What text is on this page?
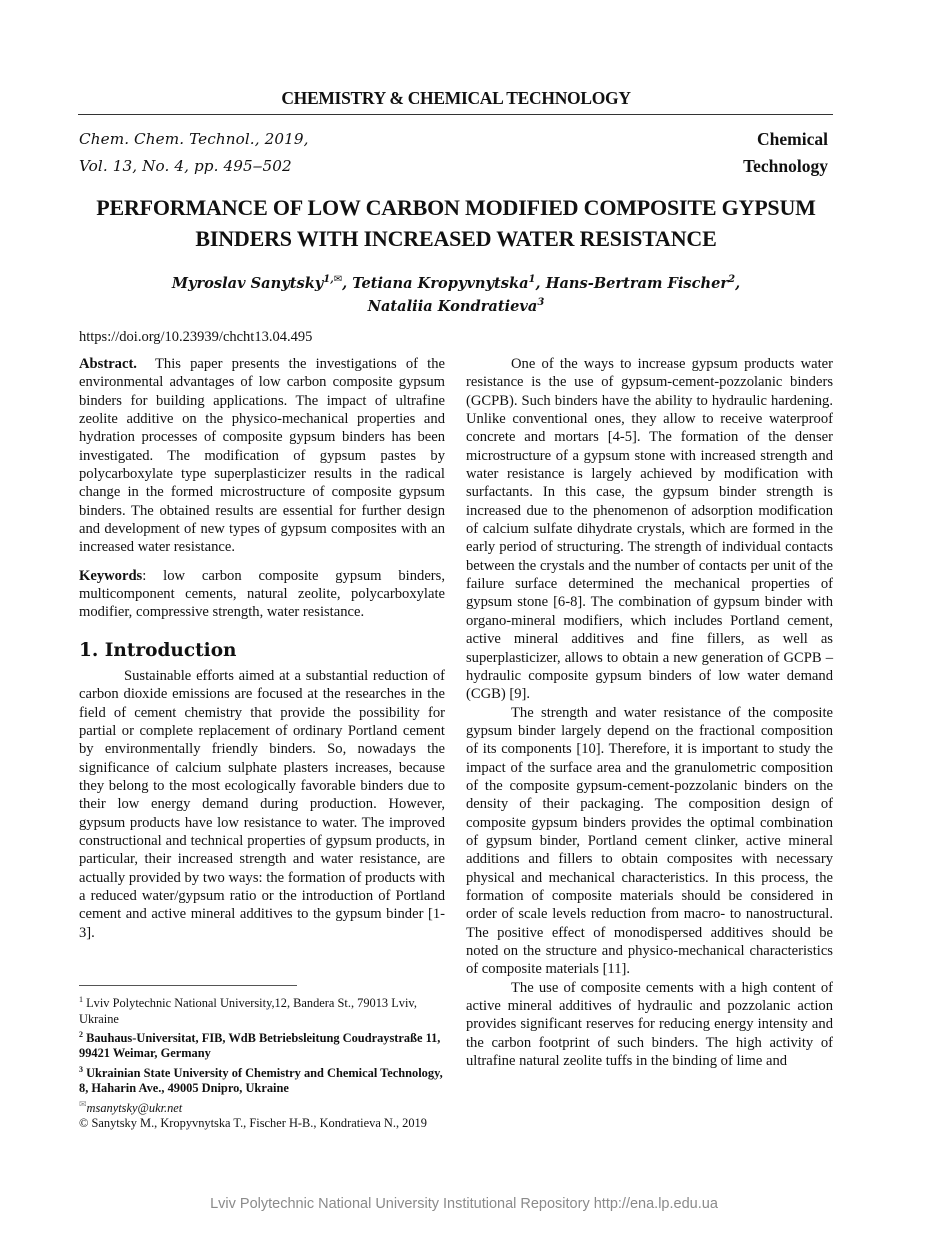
CHEMISTRY & CHEMICAL TECHNOLOGY
Chem. Chem. Technol., 2019,
Vol. 13, No. 4, pp. 495‒502
Chemical
Technology
PERFORMANCE OF LOW CARBON MODIFIED COMPOSITE GYPSUM
BINDERS WITH INCREASED WATER RESISTANCE
Myroslav Sanytsky$^{1,✉}$, Tetiana Kropyvnytska$^1$, Hans-Bertram Fischer$^2$,
Nataliia Kondratieva$^3$
https://doi.org/10.23939/chcht13.04.495

Abstract. This paper presents the investigations of the environmental advantages of low carbon composite gypsum binders for building applications. The impact of ultrafine zeolite additive on the physico-mechanical properties and hydration processes of composite gypsum binders has been investigated. The modification of gypsum pastes by polycarboxylate type superplasticizer results in the radical change in the formed microstructure of composite gypsum binders. The obtained results are essential for further design and development of new types of gypsum composites with an increased water resistance.

Keywords: low carbon composite gypsum binders, multicomponent cements, natural zeolite, polycarboxylate modifier, compressive strength, water resistance.

1. Introduction

Sustainable efforts aimed at a substantial reduction of carbon dioxide emissions are focused at the researches in the field of cement chemistry that provide the possibility for partial or complete replacement of ordinary Portland cement by environmentally friendly binders. So, nowadays the significance of calcium sulphate plasters increases, because they belong to the most ecologically favorable binders due to their low energy demand during production. However, gypsum products have low resistance to water. The improved constructional and technical properties of gypsum products, in particular, their increased strength and water resistance, are actually provided by two ways: the formation of products with a reduced water/gypsum ratio or the introduction of Portland cement and active mineral additives to the gypsum binder [1-3].

$^1$ Lviv Polytechnic National University,12, Bandera St., 79013 Lviv, Ukraine
$^2$ Bauhaus-Universitat, FIB, WdB Betriebsleitung Coudraystraße 11, 99421 Weimar, Germany
$^3$ Ukrainian State University of Chemistry and Chemical Technology, 8, Haharin Ave., 49005 Dnipro, Ukraine
✉msanytsky@ukr.net
© Sanytsky M., Kropyvnytska T., Fischer H-B., Kondratieva N., 2019

One of the ways to increase gypsum products water resistance is the use of gypsum-cement-pozzolanic binders (GCPB). Such binders have the ability to hydraulic hardening. Unlike conventional ones, they allow to receive waterproof concrete and mortars [4-5]. The formation of the denser microstructure of a gypsum stone with increased strength and water resistance is largely achieved by modification with surfactants. In this case, the gypsum binder strength is increased due to the phenomenon of adsorption modification of calcium sulfate dihydrate crystals, which are formed in the early period of structuring. The strength of individual contacts between the crystals and the number of contacts per unit of the failure surface determined the mechanical properties of gypsum stone [6-8]. The combination of gypsum binder with organo-mineral modifiers, which includes Portland cement, active mineral additives and fine fillers, as well as superplasticizer, allows to obtain a new generation of GCPB – hydraulic composite gypsum binders of low water demand (CGB) [9].

The strength and water resistance of the composite gypsum binder largely depend on the fractional composition of its components [10]. Therefore, it is important to study the impact of the surface area and the granulometric composition of the composite gypsum-cement-pozzolanic binders on the density of their packaging. The composition design of composite gypsum binders provides the optimal combination of gypsum binder, Portland cement clinker, active mineral additions and fillers to obtain composites with necessary physical and mechanical characteristics. In this process, the formation of composite materials should be considered in order of scale levels reduction from macro- to nanostructural. The positive effect of monodispersed additives should be noted on the structure and physico-mechanical characteristics of composite materials [11].

The use of composite cements with a high content of active mineral additives of hydraulic and pozzolanic action provides significant reserves for reducing energy intensity and the carbon footprint of such binders. The high activity of ultrafine natural zeolite tuffs in the binding of lime and

Lviv Polytechnic National University Institutional Repository http://ena.lp.edu.ua
